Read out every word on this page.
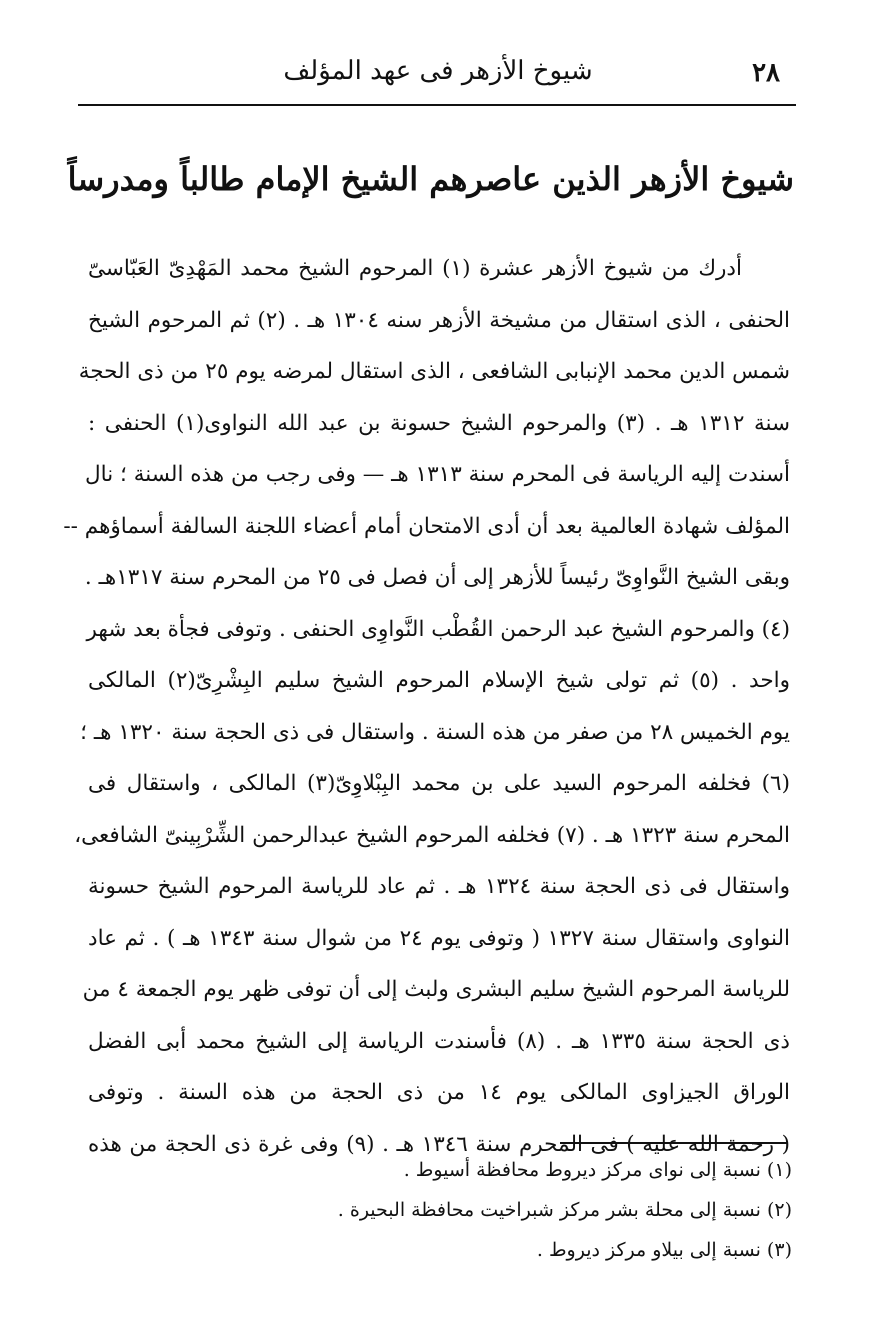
٢٨
شيوخ الأزهر فى عهد المؤلف
شيوخ الأزهر الذين عاصرهم الشيخ الإمام طالباً ومدرساً
أدرك من شيوخ الأزهر عشرة (١) المرحوم الشيخ محمد المَهْدِىّ العَبّاسىّ
الحنفى ، الذى استقال من مشيخة الأزهر سنه ١٣٠٤ هـ . (٢) ثم المرحوم الشيخ
شمس الدين محمد الإنبابى الشافعى ، الذى استقال لمرضه يوم ٢٥ من ذى الحجة
سنة ١٣١٢ هـ . (٣) والمرحوم الشيخ حسونة بن عبد الله النواوى(١) الحنفى :
أسندت إليه الرياسة فى المحرم سنة ١٣١٣ هـ — وفى رجب من هذه السنة ؛ نال
المؤلف شهادة العالمية بعد أن أدى الامتحان أمام أعضاء اللجنة السالفة أسماؤهم --
وبقى الشيخ النَّواوِىّ رئيساً للأزهر إلى أن فصل فى ٢٥ من المحرم سنة ١٣١٧هـ .
(٤) والمرحوم الشيخ عبد الرحمن القُطْب النَّواوِى الحنفى . وتوفى فجأة بعد شهر
واحد . (٥) ثم تولى شيخ الإسلام المرحوم الشيخ سليم البِشْرِىّ(٢) المالكى
يوم الخميس ٢٨ من صفر من هذه السنة . واستقال فى ذى الحجة سنة ١٣٢٠ هـ ؛
(٦) فخلفه المرحوم السيد على بن محمد البِبْلاوِىّ(٣) المالكى ، واستقال فى
المحرم سنة ١٣٢٣ هـ . (٧) فخلفه المرحوم الشيخ عبدالرحمن الشِّرْبِينىّ الشافعى،
واستقال فى ذى الحجة سنة ١٣٢٤ هـ . ثم عاد للرياسة المرحوم الشيخ حسونة
النواوى واستقال سنة ١٣٢٧ ( وتوفى يوم ٢٤ من شوال سنة ١٣٤٣ هـ ) . ثم عاد
للرياسة المرحوم الشيخ سليم البشرى ولبث إلى أن توفى ظهر يوم الجمعة ٤ من
ذى الحجة سنة ١٣٣٥ هـ . (٨) فأسندت الرياسة إلى الشيخ محمد أبى الفضل
الوراق الجيزاوى المالكى يوم ١٤ من ذى الحجة من هذه السنة . وتوفى
( رحمة الله عليه ) فى المحرم سنة ١٣٤٦ هـ . (٩) وفى غرة ذى الحجة من هذه
(١) نسبة إلى نواى مركز ديروط محافظة أسيوط .
(٢) نسبة إلى محلة بشر مركز شبراخيت محافظة البحيرة .
(٣) نسبة إلى بيلاو مركز ديروط .
